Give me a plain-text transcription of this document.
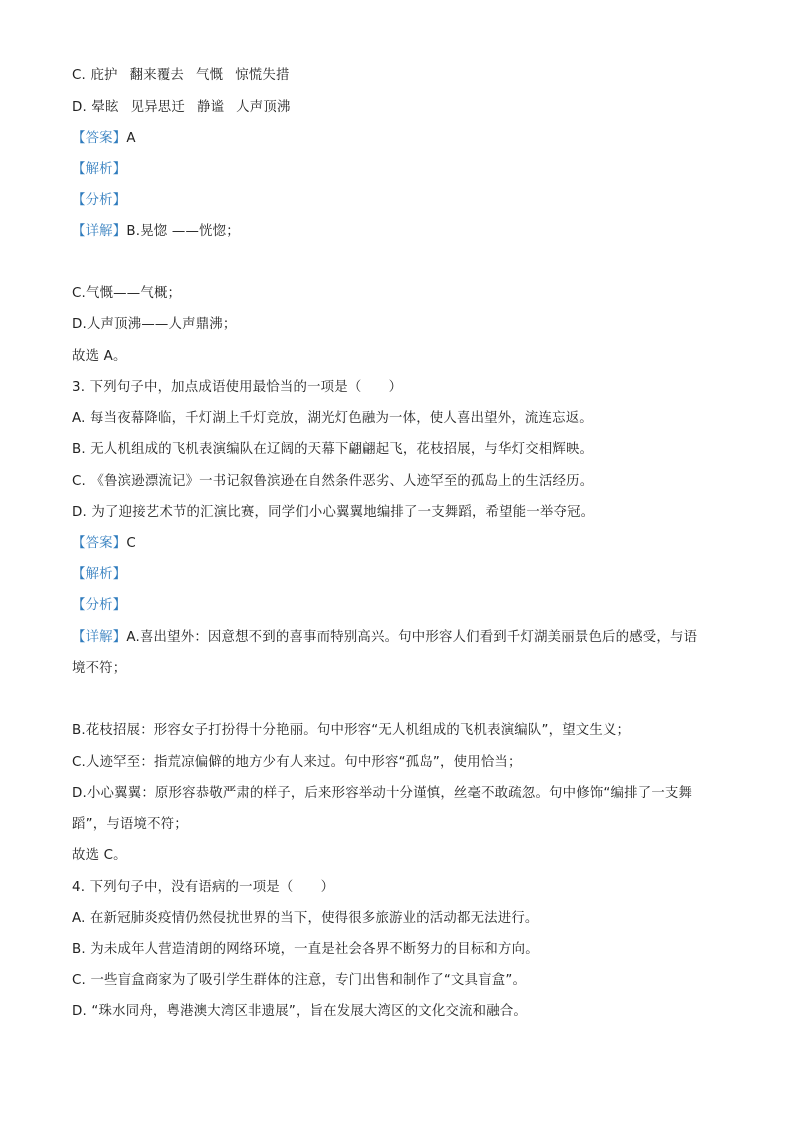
C. 庇护 翻来覆去 气慨 惊慌失措
D. 晕眩 见异思迁 静谧 人声顶沸
【答案】A
【解析】
【分析】
【详解】B.晃惚 ——恍惚；
C.气慨——气概；
D.人声顶沸——人声鼎沸；
故选 A。
3. 下列句子中，加点成语使用最恰当的一项是（　　）
A. 每当夜幕降临，千灯湖上千灯竞放，湖光灯色融为一体，使人喜出望外，流连忘返。
B. 无人机组成的飞机表演编队在辽阔的天幕下翩翩起飞，花枝招展，与华灯交相辉映。
C. 《鲁滨逊漂流记》一书记叙鲁滨逊在自然条件恶劣、人迹罕至的孤岛上的生活经历。
D. 为了迎接艺术节的汇演比赛，同学们小心翼翼地编排了一支舞蹈，希望能一举夺冠。
【答案】C
【解析】
【分析】
【详解】A.喜出望外：因意想不到的喜事而特别高兴。句中形容人们看到千灯湖美丽景色后的感受，与语
境不符；
B.花枝招展：形容女子打扮得十分艳丽。句中形容“无人机组成的飞机表演编队”，望文生义；
C.人迹罕至：指荒凉偏僻的地方少有人来过。句中形容“孤岛”，使用恰当；
D.小心翼翼：原形容恭敬严肃的样子，后来形容举动十分谨慎，丝毫不敢疏忽。句中修饰“编排了一支舞
蹈”，与语境不符；
故选 C。
4. 下列句子中，没有语病的一项是（　　）
A. 在新冠肺炎疫情仍然侵扰世界的当下，使得很多旅游业的活动都无法进行。
B. 为未成年人营造清朗的网络环境，一直是社会各界不断努力的目标和方向。
C. 一些盲盒商家为了吸引学生群体的注意，专门出售和制作了“文具盲盒”。
D. “珠水同舟，粤港澳大湾区非遗展”，旨在发展大湾区的文化交流和融合。
